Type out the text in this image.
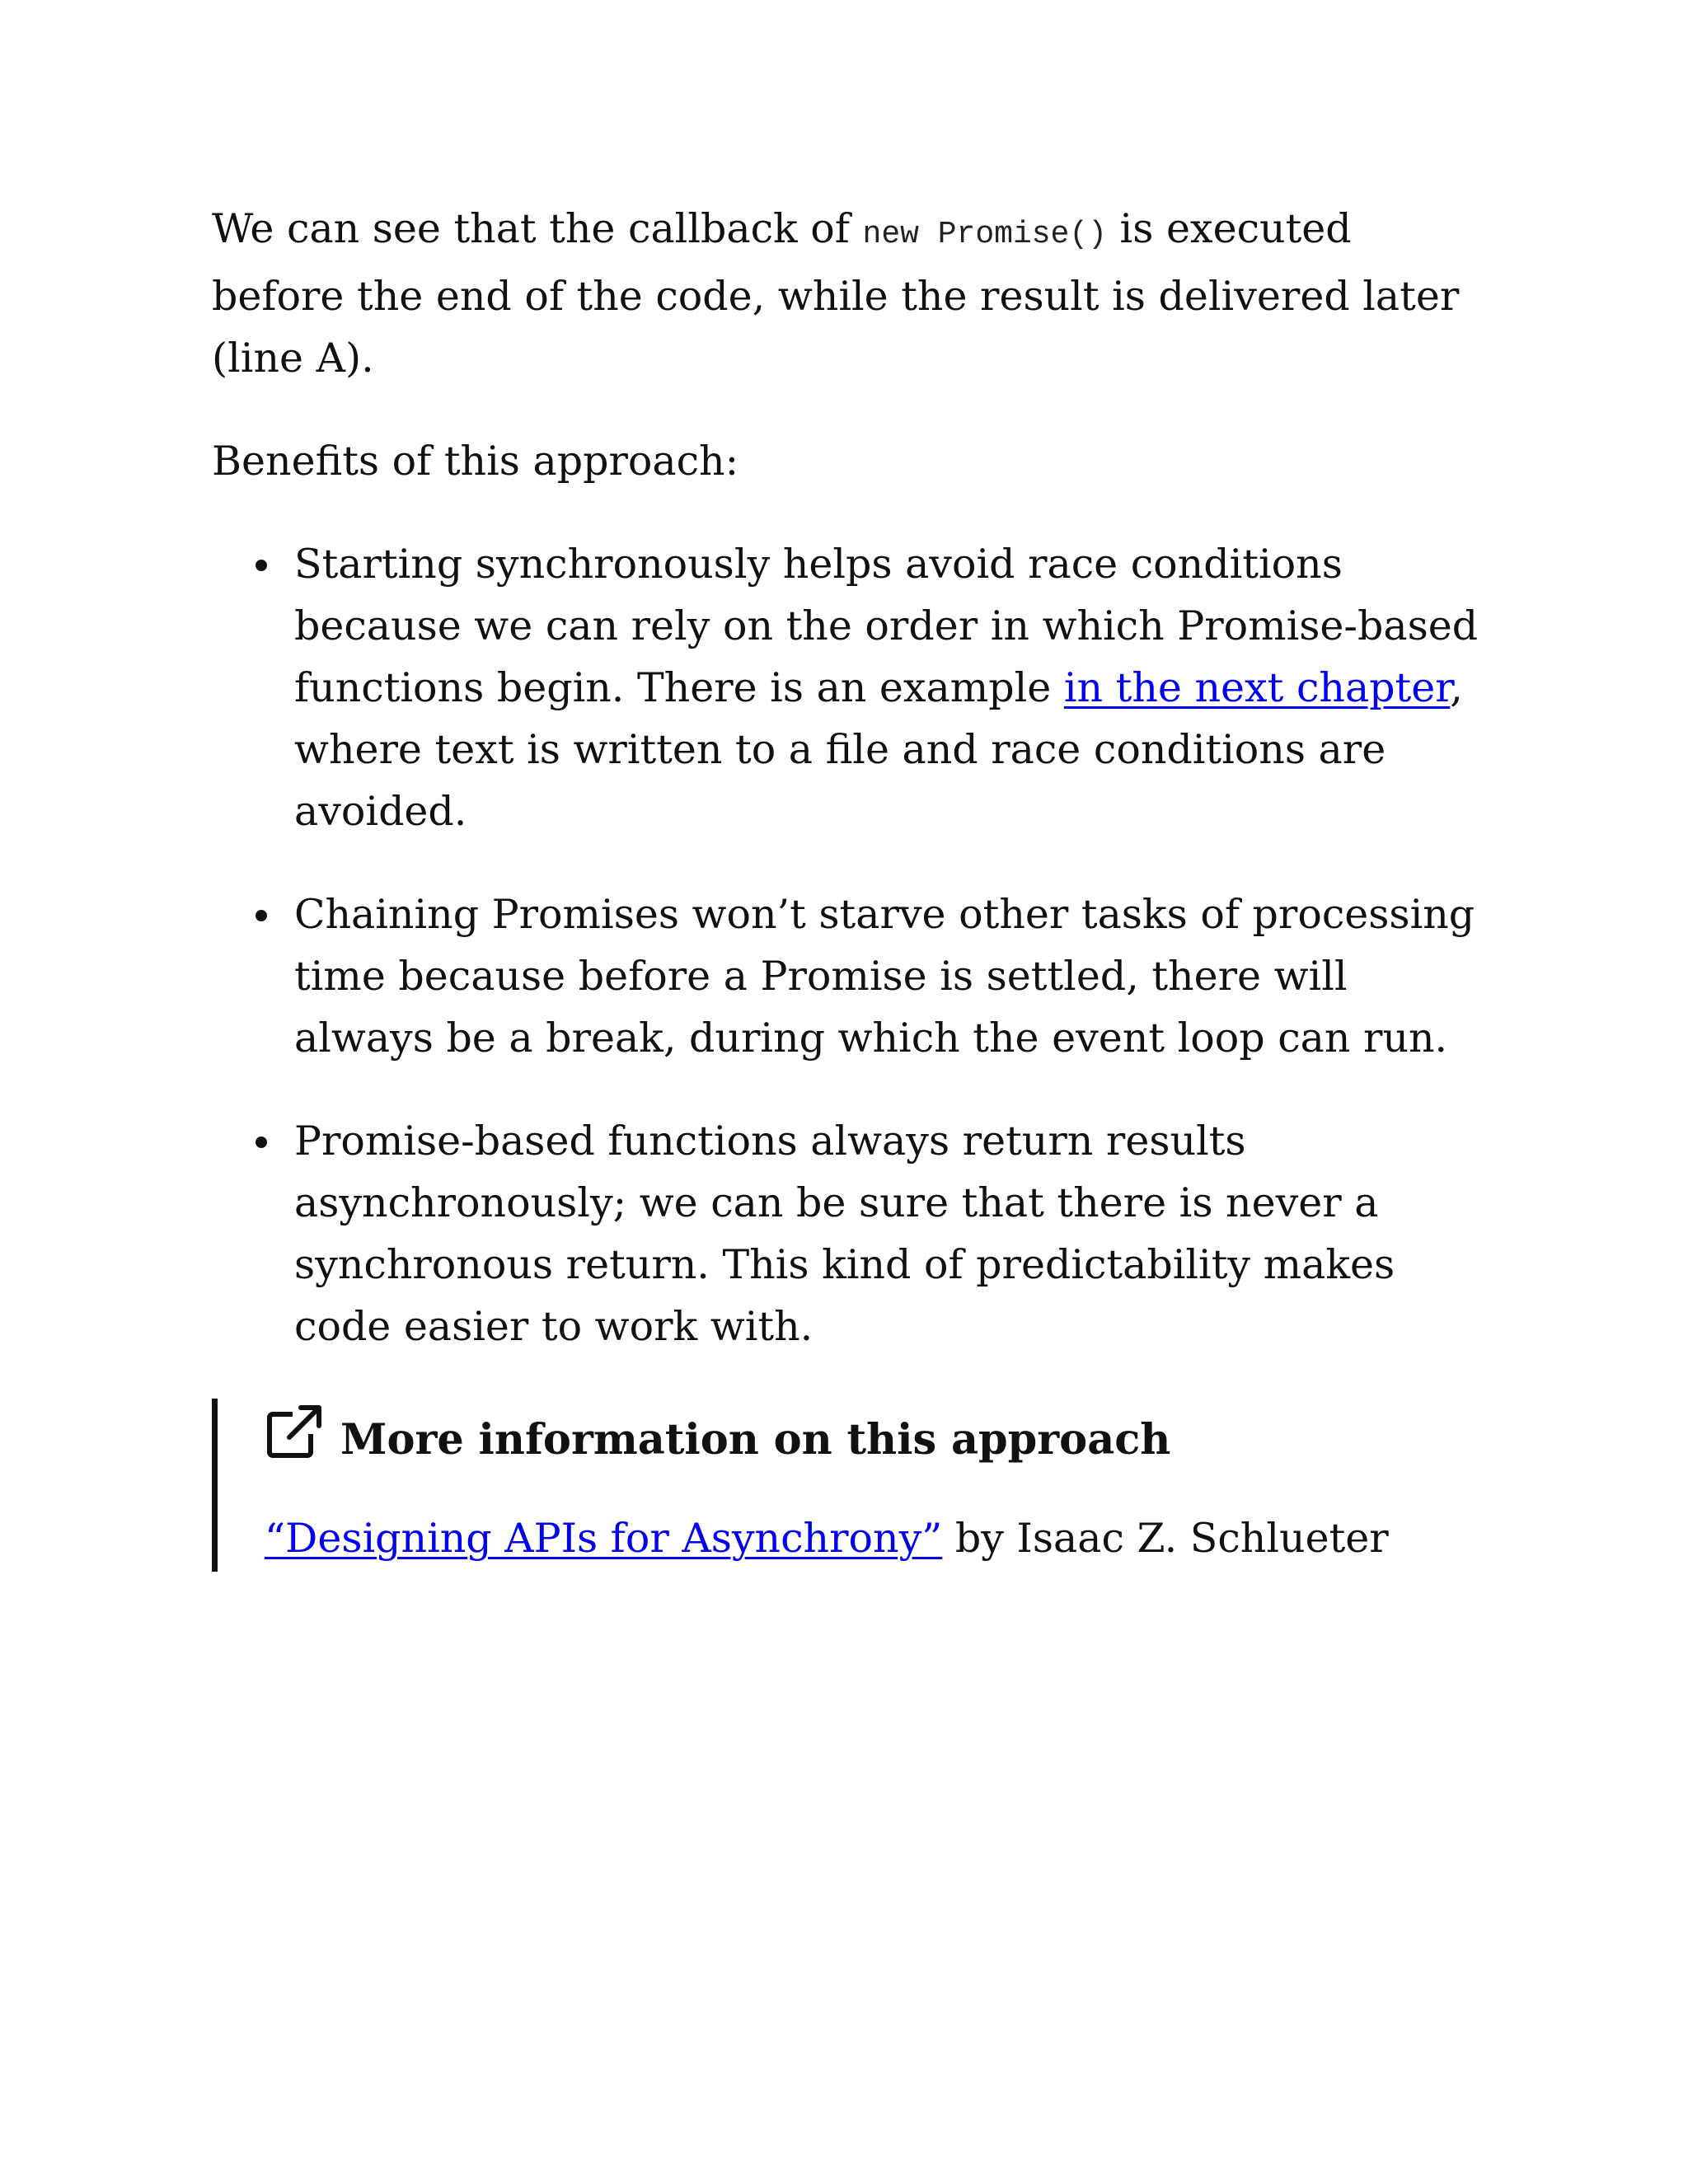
We can see that the callback of new Promise() is executed before the end of the code, while the result is delivered later (line A).

Benefits of this approach:

Starting synchronously helps avoid race conditions because we can rely on the order in which Promise-based functions begin. There is an example in the next chapter, where text is written to a file and race conditions are avoided.
Chaining Promises won’t starve other tasks of processing time because before a Promise is settled, there will always be a break, during which the event loop can run.
Promise-based functions always return results asynchronously; we can be sure that there is never a synchronous return. This kind of predictability makes code easier to work with.
More information on this approach

“Designing APIs for Asynchrony” by Isaac Z. Schlueter
